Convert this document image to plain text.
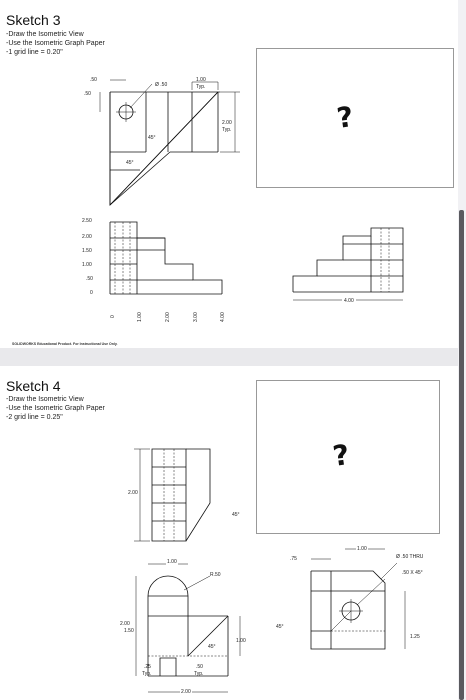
Sketch 3
-Draw the Isometric View
-Use the Isometric Graph Paper
-1 grid line = 0.20"
.50
.50
Ø .50
1.00
Typ.
2.00
Typ.
45°
45°
?
2.50
2.00
1.50
1.00
.50
0
0	1.00	2.00	3.00	4.00
4.00
SOLIDWORKS Educational Product. For Instructional Use Only.
Sketch 4
-Draw the Isometric View
-Use the Isometric Graph Paper
-2 grid line = 0.25"
?
2.00
45°
1.00
R.50
2.00
1.50
45°
1.00
.25
Typ.
.50
Typ.
2.00
1.00
.75	Ø .50 THRU
.50 X 45°
45°
1.25
